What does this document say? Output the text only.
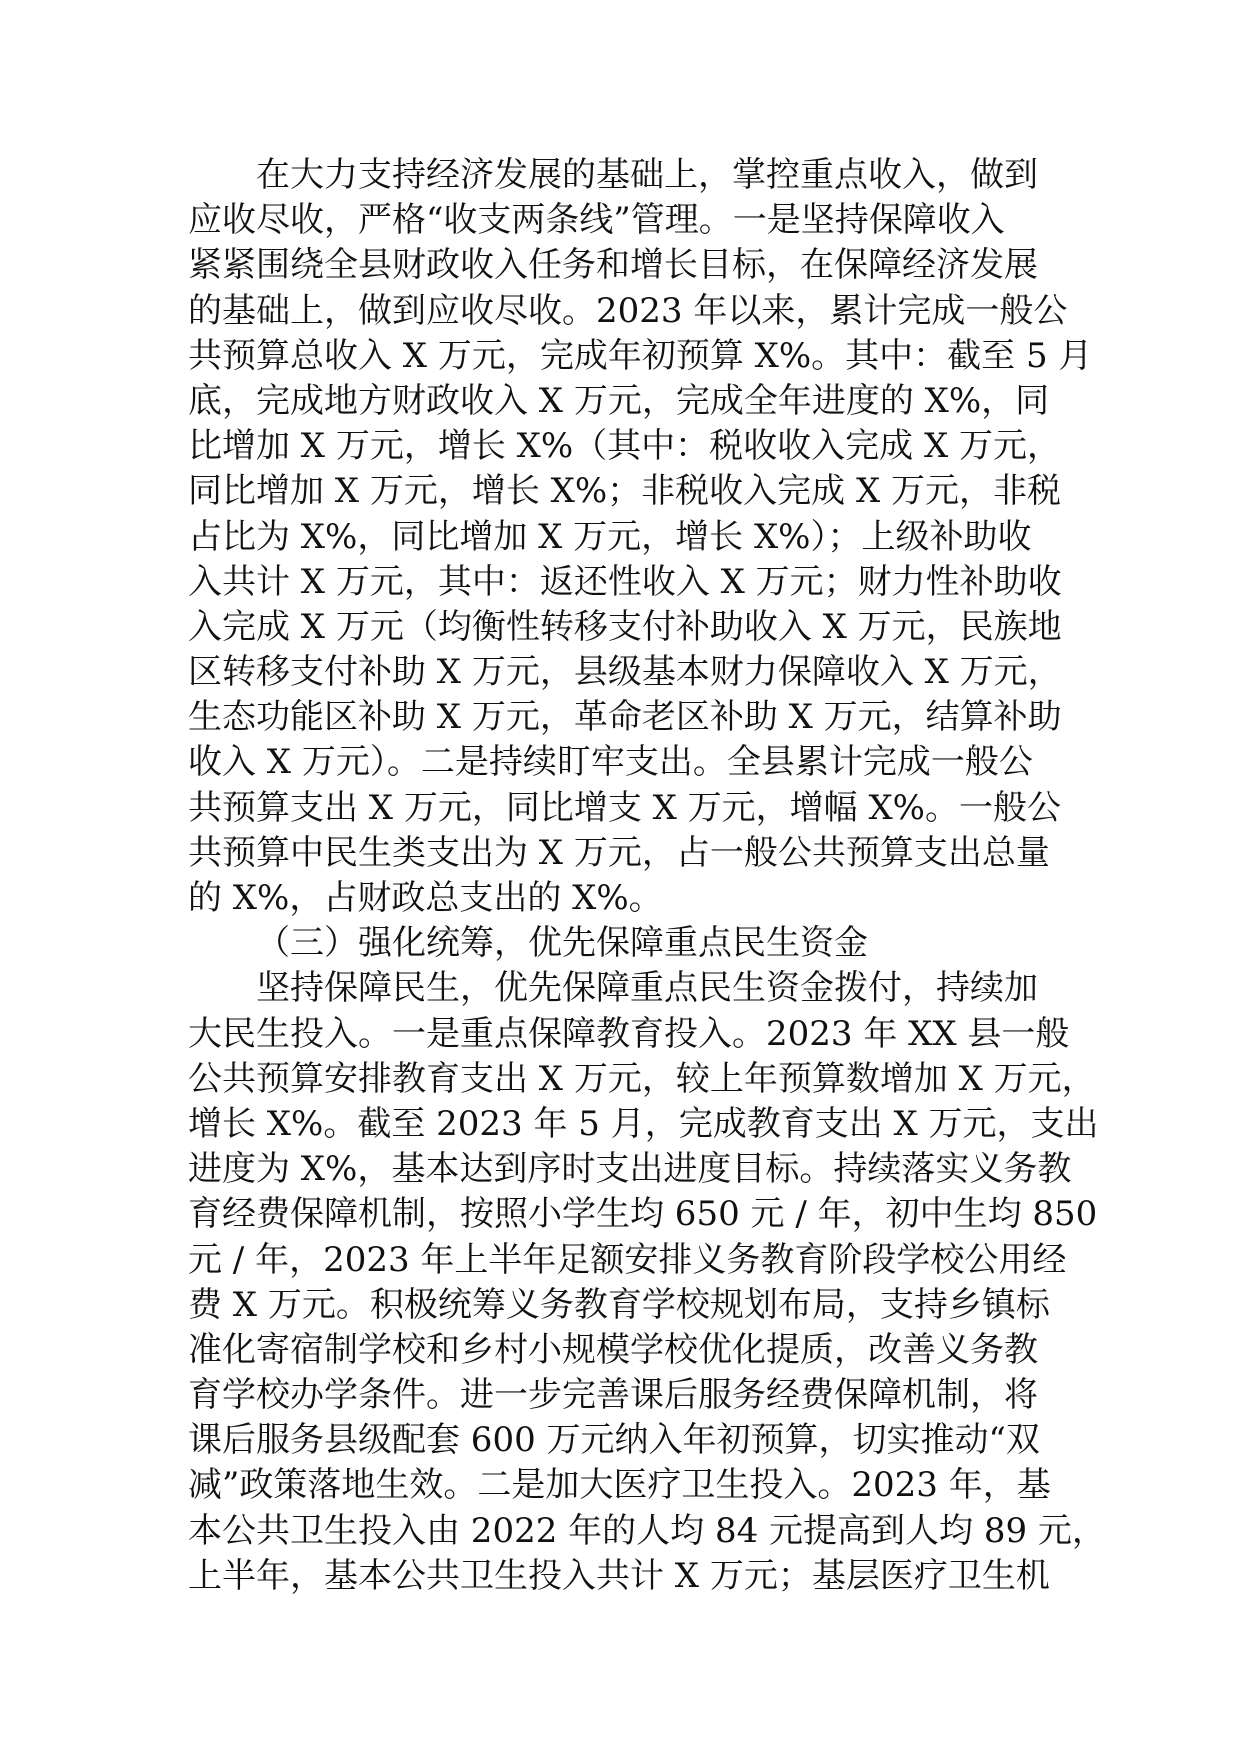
在大力支持经济发展的基础上，掌控重点收入，做到
应收尽收，严格“收支两条线”管理。一是坚持保障收入
紧紧围绕全县财政收入任务和增长目标，在保障经济发展
的基础上，做到应收尽收。2023 年以来，累计完成一般公
共预算总收入 X 万元，完成年初预算 X%。其中：截至 5 月
底，完成地方财政收入 X 万元，完成全年进度的 X%，同
比增加 X 万元，增长 X%（其中：税收收入完成 X 万元，
同比增加 X 万元，增长 X%；非税收入完成 X 万元，非税
占比为 X%，同比增加 X 万元，增长 X%）；上级补助收
入共计 X 万元，其中：返还性收入 X 万元；财力性补助收
入完成 X 万元（均衡性转移支付补助收入 X 万元，民族地
区转移支付补助 X 万元，县级基本财力保障收入 X 万元，
生态功能区补助 X 万元，革命老区补助 X 万元，结算补助
收入 X 万元）。二是持续盯牢支出。全县累计完成一般公
共预算支出 X 万元，同比增支 X 万元，增幅 X%。一般公
共预算中民生类支出为 X 万元，占一般公共预算支出总量
的 X%，占财政总支出的 X%。
（三）强化统筹，优先保障重点民生资金
坚持保障民生，优先保障重点民生资金拨付，持续加
大民生投入。一是重点保障教育投入。2023 年 XX 县一般
公共预算安排教育支出 X 万元，较上年预算数增加 X 万元，
增长 X%。截至 2023 年 5 月，完成教育支出 X 万元，支出
进度为 X%，基本达到序时支出进度目标。持续落实义务教
育经费保障机制，按照小学生均 650 元 / 年，初中生均 850
元 / 年，2023 年上半年足额安排义务教育阶段学校公用经
费 X 万元。积极统筹义务教育学校规划布局，支持乡镇标
准化寄宿制学校和乡村小规模学校优化提质，改善义务教
育学校办学条件。进一步完善课后服务经费保障机制，将
课后服务县级配套 600 万元纳入年初预算，切实推动“双
减”政策落地生效。二是加大医疗卫生投入。2023 年，基
本公共卫生投入由 2022 年的人均 84 元提高到人均 89 元，
上半年，基本公共卫生投入共计 X 万元；基层医疗卫生机
